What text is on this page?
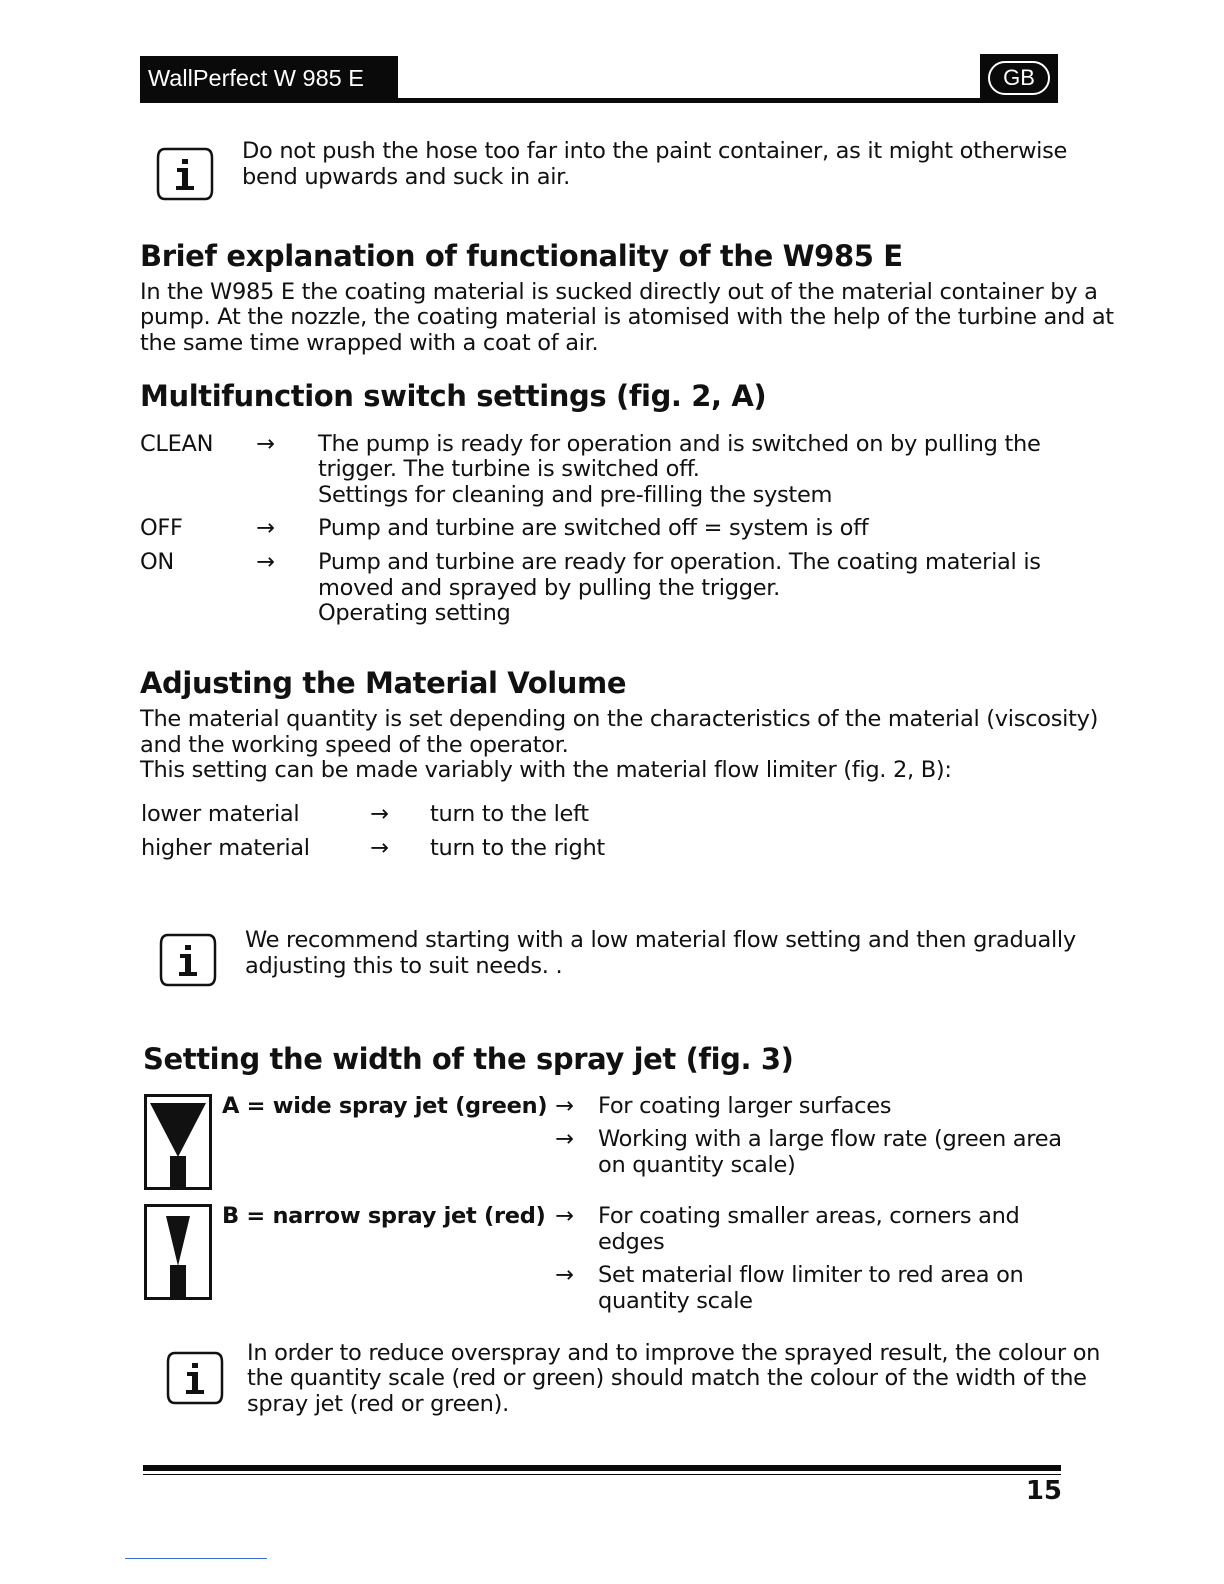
WallPerfect W 985 E	GB

Do not push the hose too far into the paint container, as it might otherwise

bend upwards and suck in air.

Brief explanation of functionality of the W985 E

In the W985 E the coating material is sucked directly out of the material container by a

pump. At the nozzle, the coating material is atomised with the help of the turbine and at

the same time wrapped with a coat of air.

Multifunction switch settings (fig. 2, A)
CLEAN → The pump is ready for operation and is switched on by pulling the
trigger. The turbine is switched off.
Settings for cleaning and pre-filling the system
OFF	→ Pump and turbine are switched off = system is off
ON	→ Pump and turbine are ready for operation. The coating material is
moved and sprayed by pulling the trigger.
Operating setting
Adjusting the Material Volume

The material quantity is set depending on the characteristics of the material (viscosity)

and the working speed of the operator.

This setting can be made variably with the material flow limiter (fig. 2, B):

lower material	→ turn to the left
higher material	→ turn to the right

We recommend starting with a low material flow setting and then gradually

adjusting this to suit needs. .

Setting the width of the spray jet (fig. 3)
A = wide spray jet (green) → For coating larger surfaces
→ Working with a large flow rate (green area
on quantity scale)
B = narrow spray jet (red) → For coating smaller areas, corners and
edges
→ Set material flow limiter to red area on
quantity scale

In order to reduce overspray and to improve the sprayed result, the colour on

the quantity scale (red or green) should match the colour of the width of the

spray jet (red or green).

15
